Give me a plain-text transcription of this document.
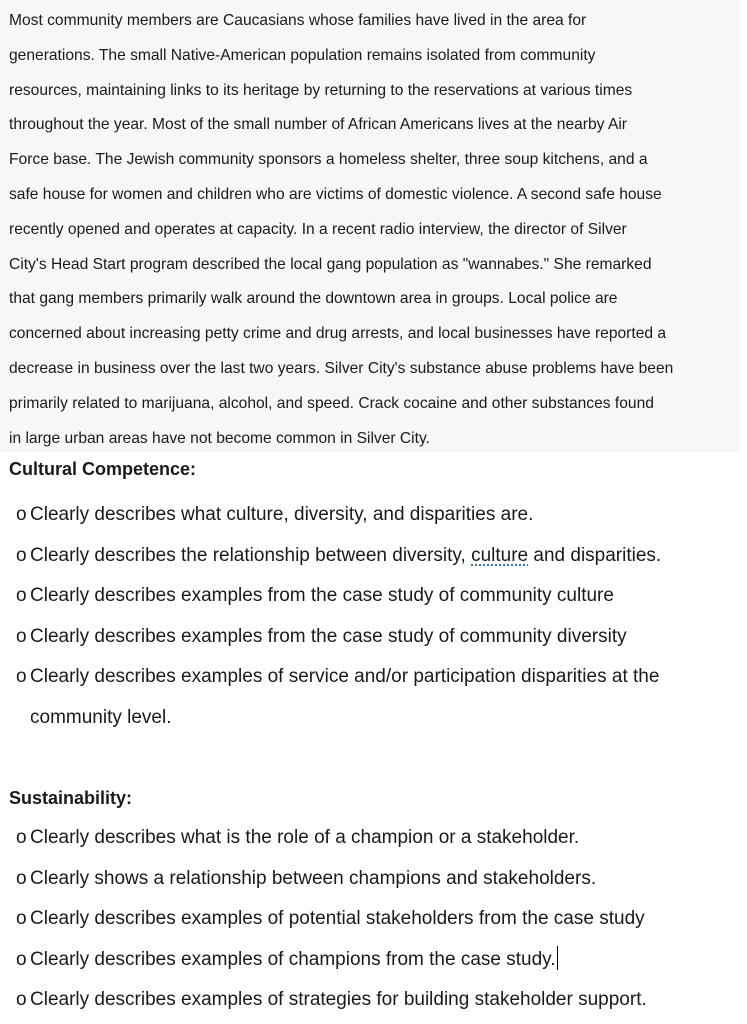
Most community members are Caucasians whose families have lived in the area for
generations. The small Native-American population remains isolated from community
resources, maintaining links to its heritage by returning to the reservations at various times
throughout the year. Most of the small number of African Americans lives at the nearby Air
Force base. The Jewish community sponsors a homeless shelter, three soup kitchens, and a
safe house for women and children who are victims of domestic violence. A second safe house
recently opened and operates at capacity. In a recent radio interview, the director of Silver
City's Head Start program described the local gang population as "wannabes." She remarked
that gang members primarily walk around the downtown area in groups. Local police are
concerned about increasing petty crime and drug arrests, and local businesses have reported a
decrease in business over the last two years. Silver City's substance abuse problems have been
primarily related to marijuana, alcohol, and speed. Crack cocaine and other substances found
in large urban areas have not become common in Silver City.

Cultural Competence:
o Clearly describes what culture, diversity, and disparities are.
o Clearly describes the relationship between diversity, culture and disparities.
o Clearly describes examples from the case study of community culture
o Clearly describes examples from the case study of community diversity
o Clearly describes examples of service and/or participation disparities at the
community level.
Sustainability:
o Clearly describes what is the role of a champion or a stakeholder.
o Clearly shows a relationship between champions and stakeholders.
o Clearly describes examples of potential stakeholders from the case study
o Clearly describes examples of champions from the case study.
o Clearly describes examples of strategies for building stakeholder support.
